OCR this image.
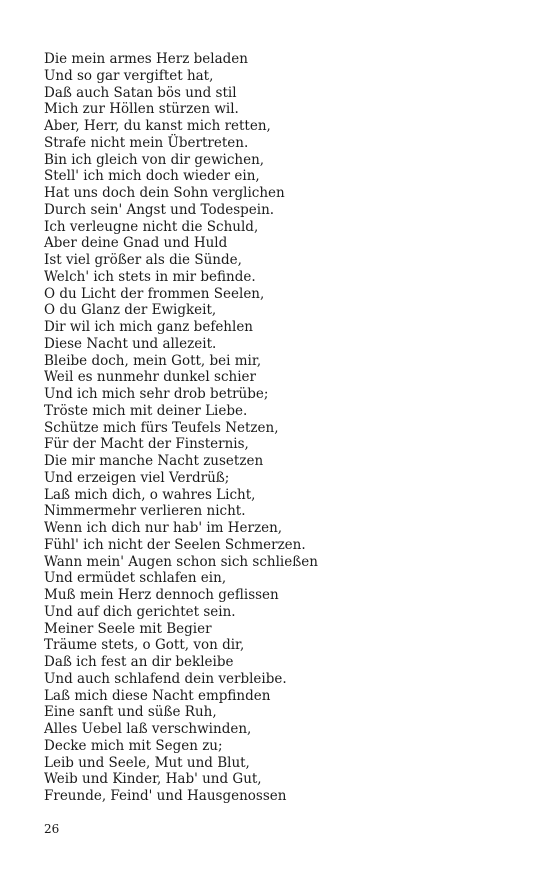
Die mein armes Herz beladen
Und so gar vergiftet hat,
Daß auch Satan bös und stil
Mich zur Höllen stürzen wil.
Aber, Herr, du kanst mich retten,
Strafe nicht mein Übertreten.
Bin ich gleich von dir gewichen,
Stell' ich mich doch wieder ein,
Hat uns doch dein Sohn verglichen
Durch sein' Angst und Todespein.
Ich verleugne nicht die Schuld,
Aber deine Gnad und Huld
Ist viel größer als die Sünde,
Welch' ich stets in mir befinde.
O du Licht der frommen Seelen,
O du Glanz der Ewigkeit,
Dir wil ich mich ganz befehlen
Diese Nacht und allezeit.
Bleibe doch, mein Gott, bei mir,
Weil es nunmehr dunkel schier
Und ich mich sehr drob betrübe;
Tröste mich mit deiner Liebe.
Schütze mich fürs Teufels Netzen,
Für der Macht der Finsternis,
Die mir manche Nacht zusetzen
Und erzeigen viel Verdrüß;
Laß mich dich, o wahres Licht,
Nimmermehr verlieren nicht.
Wenn ich dich nur hab' im Herzen,
Fühl' ich nicht der Seelen Schmerzen.
Wann mein' Augen schon sich schließen
Und ermüdet schlafen ein,
Muß mein Herz dennoch geflissen
Und auf dich gerichtet sein.
Meiner Seele mit Begier
Träume stets, o Gott, von dir,
Daß ich fest an dir bekleibe
Und auch schlafend dein verbleibe.
Laß mich diese Nacht empfinden
Eine sanft und süße Ruh,
Alles Uebel laß verschwinden,
Decke mich mit Segen zu;
Leib und Seele, Mut und Blut,
Weib und Kinder, Hab' und Gut,
Freunde, Feind' und Hausgenossen
26
